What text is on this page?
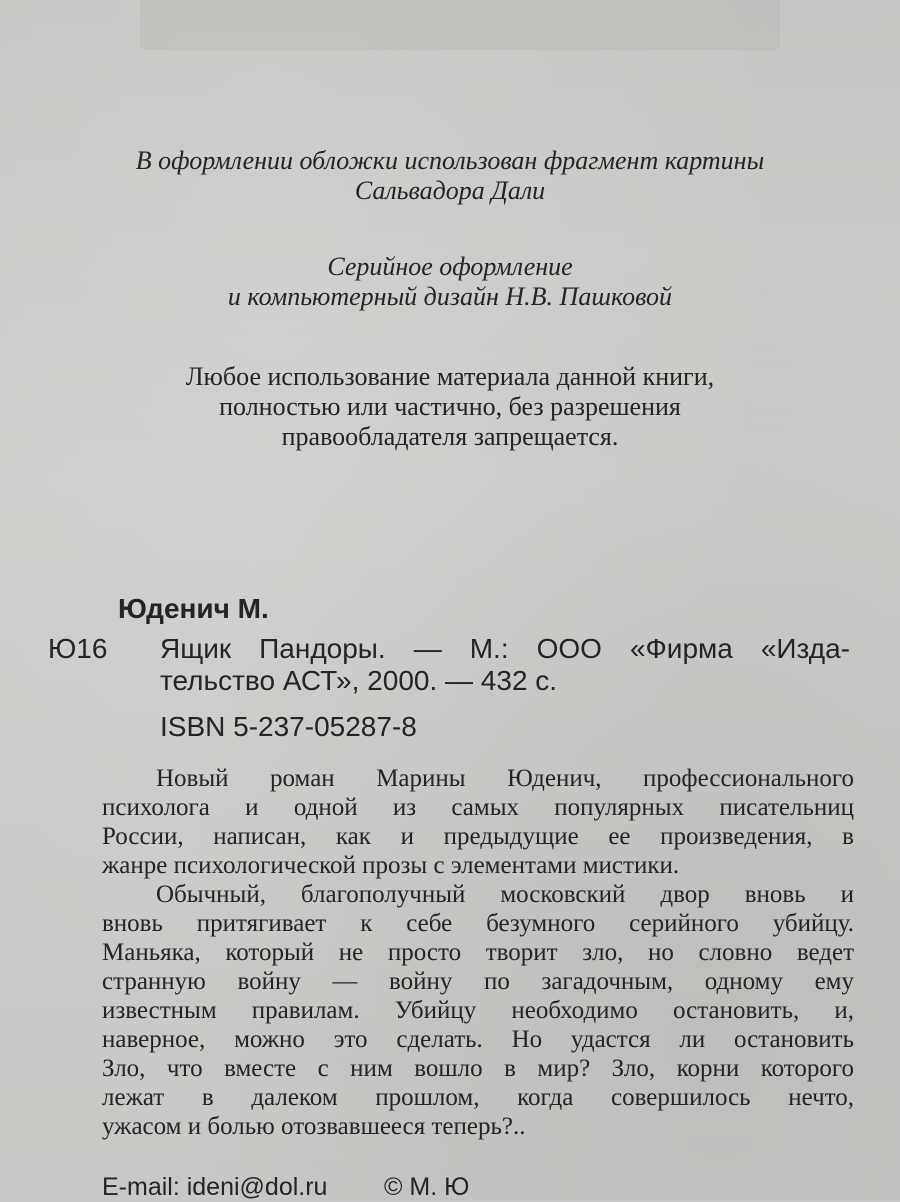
В оформлении обложки использован фрагмент картины
Сальвадора Дали
Серийное оформление
и компьютерный дизайн Н.В. Пашковой
Любое использование материала данной книги,
полностью или частично, без разрешения
правообладателя запрещается.
Юденич М.
Ю16 Ящик Пандоры. — М.: ООО «Фирма «Изда-
тельство АСТ», 2000. — 432 с.
ISBN 5-237-05287-8
Новый роман Марины Юденич, профессионального
психолога и одной из самых популярных писательниц
России, написан, как и предыдущие ее произведения, в
жанре психологической прозы с элементами мистики.
Обычный, благополучный московский двор вновь и
вновь притягивает к себе безумного серийного убийцу.
Маньяка, который не просто творит зло, но словно ведет
странную войну — войну по загадочным, одному ему
известным правилам. Убийцу необходимо остановить, и,
наверное, можно это сделать. Но удастся ли остановить
Зло, что вместе с ним вошло в мир? Зло, корни которого
лежат в далеком прошлом, когда совершилось нечто,
ужасом и болью отозвавшееся теперь?..
E-mail: ideni@dol.ru © М. Ю
